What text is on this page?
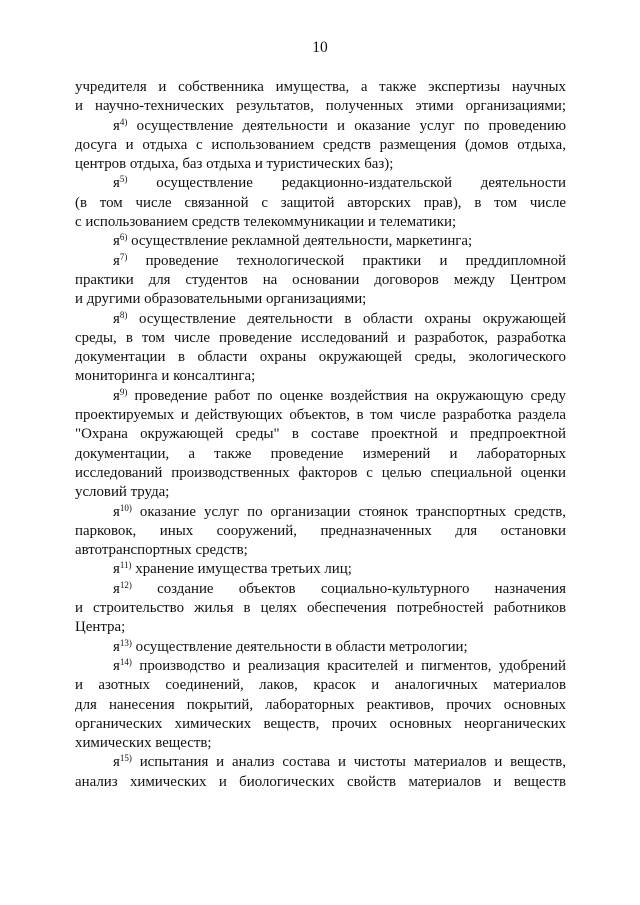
10
учредителя и собственника имущества, а также экспертизы научных
и научно-технических результатов, полученных этими организациями;
$я^{4)}$ осуществление деятельности и оказание услуг по проведению
досуга и отдыха с использованием средств размещения (домов отдыха,
центров отдыха, баз отдыха и туристических баз);
$я^{5)}$ осуществление редакционно-издательской деятельности
(в том числе связанной с защитой авторских прав), в том числе
с использованием средств телекоммуникации и телематики;
$я^{6)}$ осуществление рекламной деятельности, маркетинга;
$я^{7)}$ проведение технологической практики и преддипломной
практики для студентов на основании договоров между Центром
и другими образовательными организациями;
$я^{8)}$ осуществление деятельности в области охраны окружающей
среды, в том числе проведение исследований и разработок, разработка
документации в области охраны окружающей среды, экологического
мониторинга и консалтинга;
$я^{9)}$ проведение работ по оценке воздействия на окружающую среду
проектируемых и действующих объектов, в том числе разработка раздела
"Охрана окружающей среды" в составе проектной и предпроектной
документации, а также проведение измерений и лабораторных
исследований производственных факторов с целью специальной оценки
условий труда;
$я^{10)}$ оказание услуг по организации стоянок транспортных средств,
парковок, иных сооружений, предназначенных для остановки
автотранспортных средств;
$я^{11)}$ хранение имущества третьих лиц;
$я^{12)}$ создание объектов социально-культурного назначения
и строительство жилья в целях обеспечения потребностей работников
Центра;
$я^{13)}$ осуществление деятельности в области метрологии;
$я^{14)}$ производство и реализация красителей и пигментов, удобрений
и азотных соединений, лаков, красок и аналогичных материалов
для нанесения покрытий, лабораторных реактивов, прочих основных
органических химических веществ, прочих основных неорганических
химических веществ;
$я^{15)}$ испытания и анализ состава и чистоты материалов и веществ,
анализ химических и биологических свойств материалов и веществ
